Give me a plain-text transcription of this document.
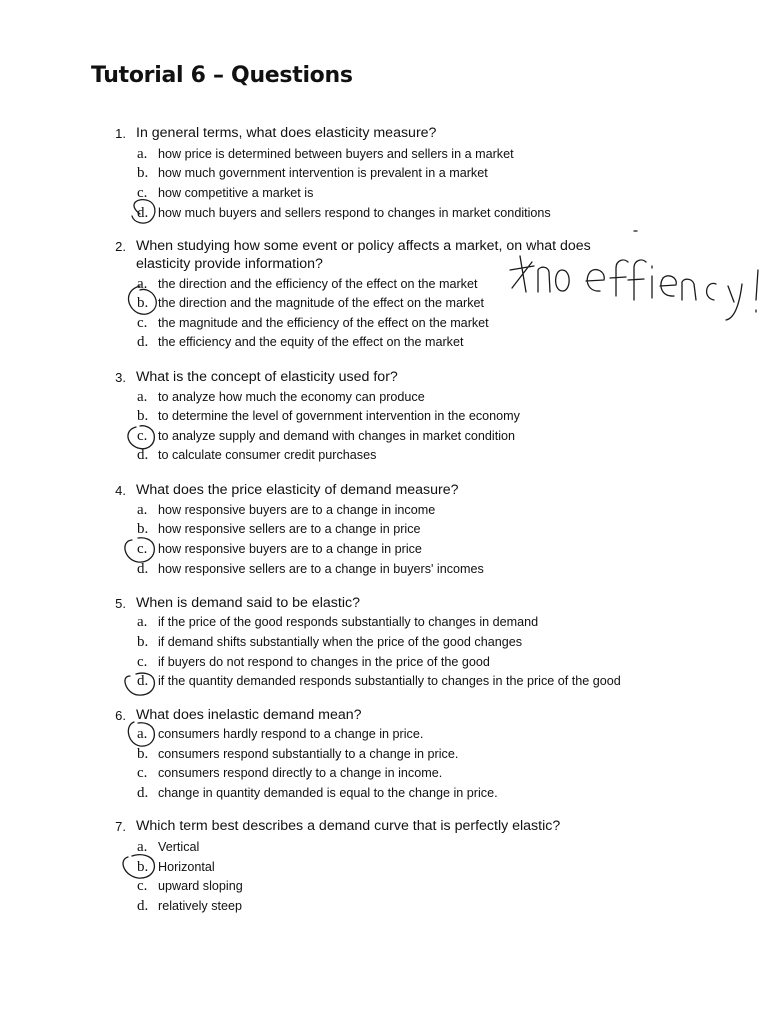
Tutorial 6 – Questions
1. In general terms, what does elasticity measure?
a. how price is determined between buyers and sellers in a market
b. how much government intervention is prevalent in a market
c. how competitive a market is
d. how much buyers and sellers respond to changes in market conditions
2. When studying how some event or policy affects a market, on what does elasticity provide information?
a. the direction and the efficiency of the effect on the market
b. the direction and the magnitude of the effect on the market
c. the magnitude and the efficiency of the effect on the market
d. the efficiency and the equity of the effect on the market
3. What is the concept of elasticity used for?
a. to analyze how much the economy can produce
b. to determine the level of government intervention in the economy
c. to analyze supply and demand with changes in market condition
d. to calculate consumer credit purchases
4. What does the price elasticity of demand measure?
a. how responsive buyers are to a change in income
b. how responsive sellers are to a change in price
c. how responsive buyers are to a change in price
d. how responsive sellers are to a change in buyers' incomes
5. When is demand said to be elastic?
a. if the price of the good responds substantially to changes in demand
b. if demand shifts substantially when the price of the good changes
c. if buyers do not respond to changes in the price of the good
d. if the quantity demanded responds substantially to changes in the price of the good
6. What does inelastic demand mean?
a. consumers hardly respond to a change in price.
b. consumers respond substantially to a change in price.
c. consumers respond directly to a change in income.
d. change in quantity demanded is equal to the change in price.
7. Which term best describes a demand curve that is perfectly elastic?
a. Vertical
b. Horizontal
c. upward sloping
d. relatively steep
